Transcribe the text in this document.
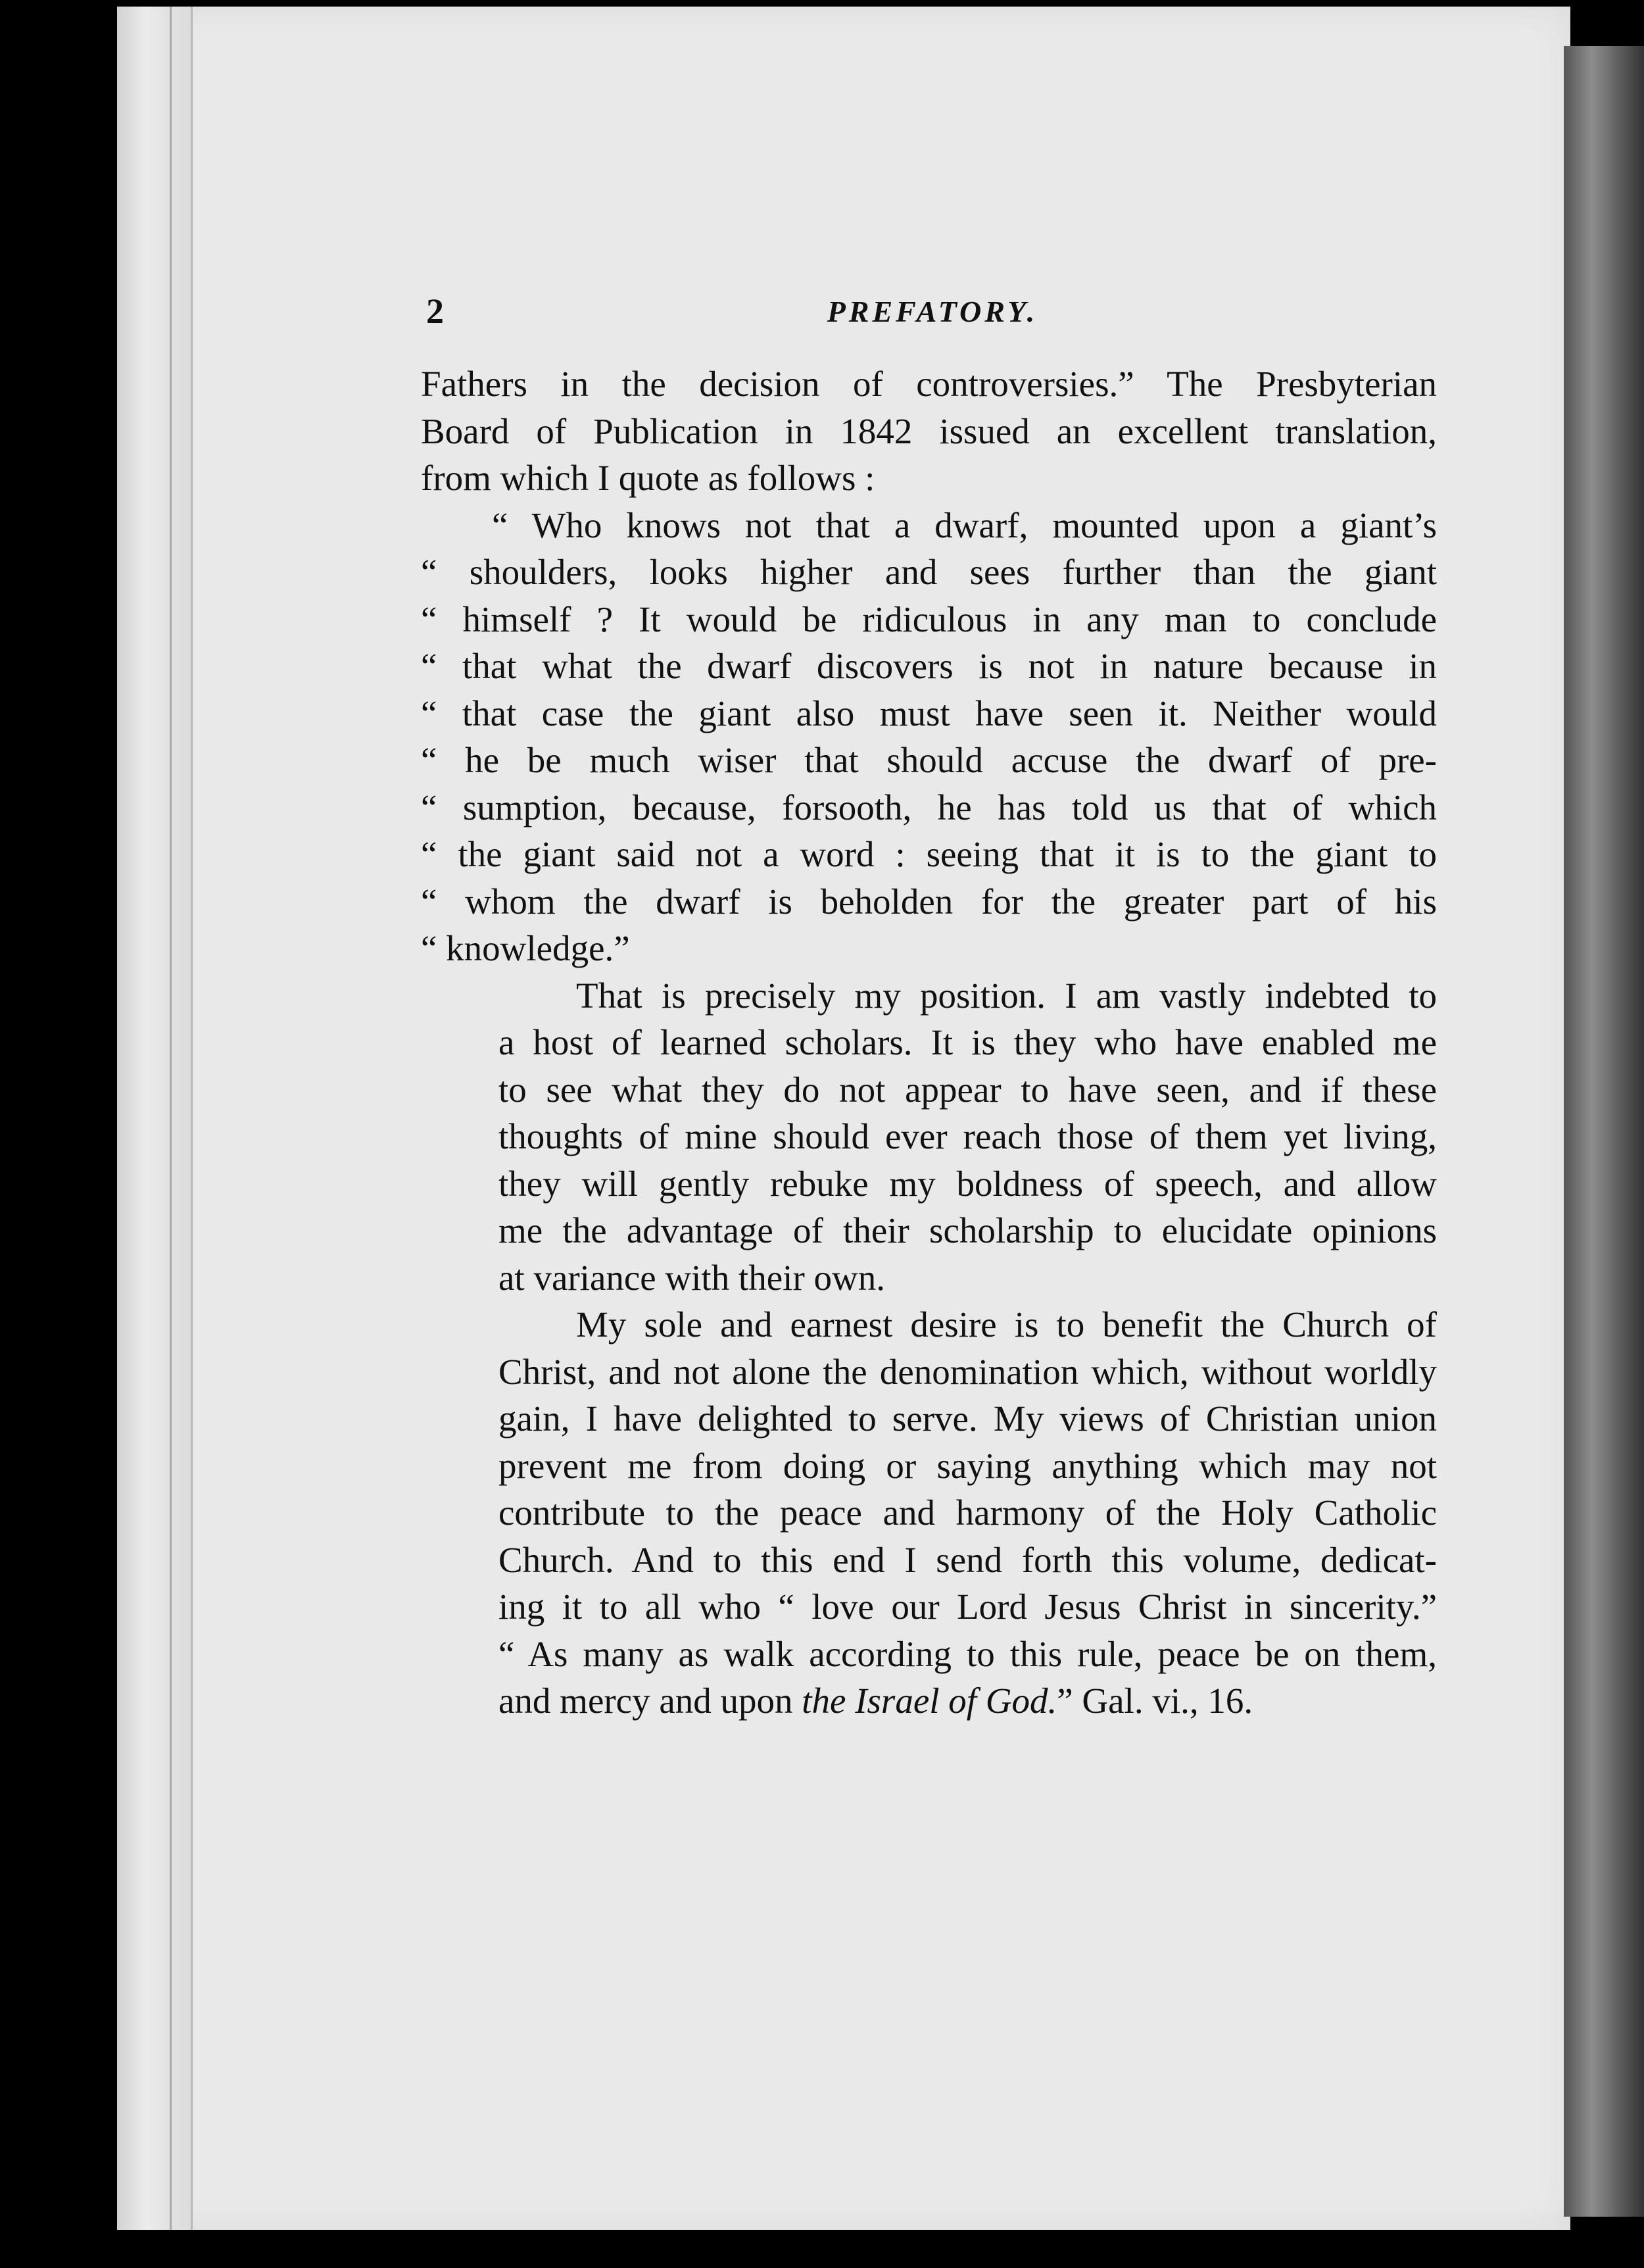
2	PREFATORY.

Fathers in the decision of controversies.” The Presbyterian
Board of Publication in 1842 issued an excellent translation,
from which I quote as follows :

“ Who knows not that a dwarf, mounted upon a giant’s
“ shoulders, looks higher and sees further than the giant
“ himself ? It would be ridiculous in any man to conclude
“ that what the dwarf discovers is not in nature because in
“ that case the giant also must have seen it. Neither would
“ he be much wiser that should accuse the dwarf of pre-
“ sumption, because, forsooth, he has told us that of which
“ the giant said not a word : seeing that it is to the giant to
“ whom the dwarf is beholden for the greater part of his
“ knowledge.”

That is precisely my position. I am vastly indebted to
a host of learned scholars. It is they who have enabled me
to see what they do not appear to have seen, and if these
thoughts of mine should ever reach those of them yet living,
they will gently rebuke my boldness of speech, and allow
me the advantage of their scholarship to elucidate opinions
at variance with their own.

My sole and earnest desire is to benefit the Church of
Christ, and not alone the denomination which, without worldly
gain, I have delighted to serve. My views of Christian union
prevent me from doing or saying anything which may not
contribute to the peace and harmony of the Holy Catholic
Church. And to this end I send forth this volume, dedicat-
ing it to all who “ love our Lord Jesus Christ in sincerity.”
“ As many as walk according to this rule, peace be on them,
and mercy and upon the Israel of God.” Gal. vi., 16.
